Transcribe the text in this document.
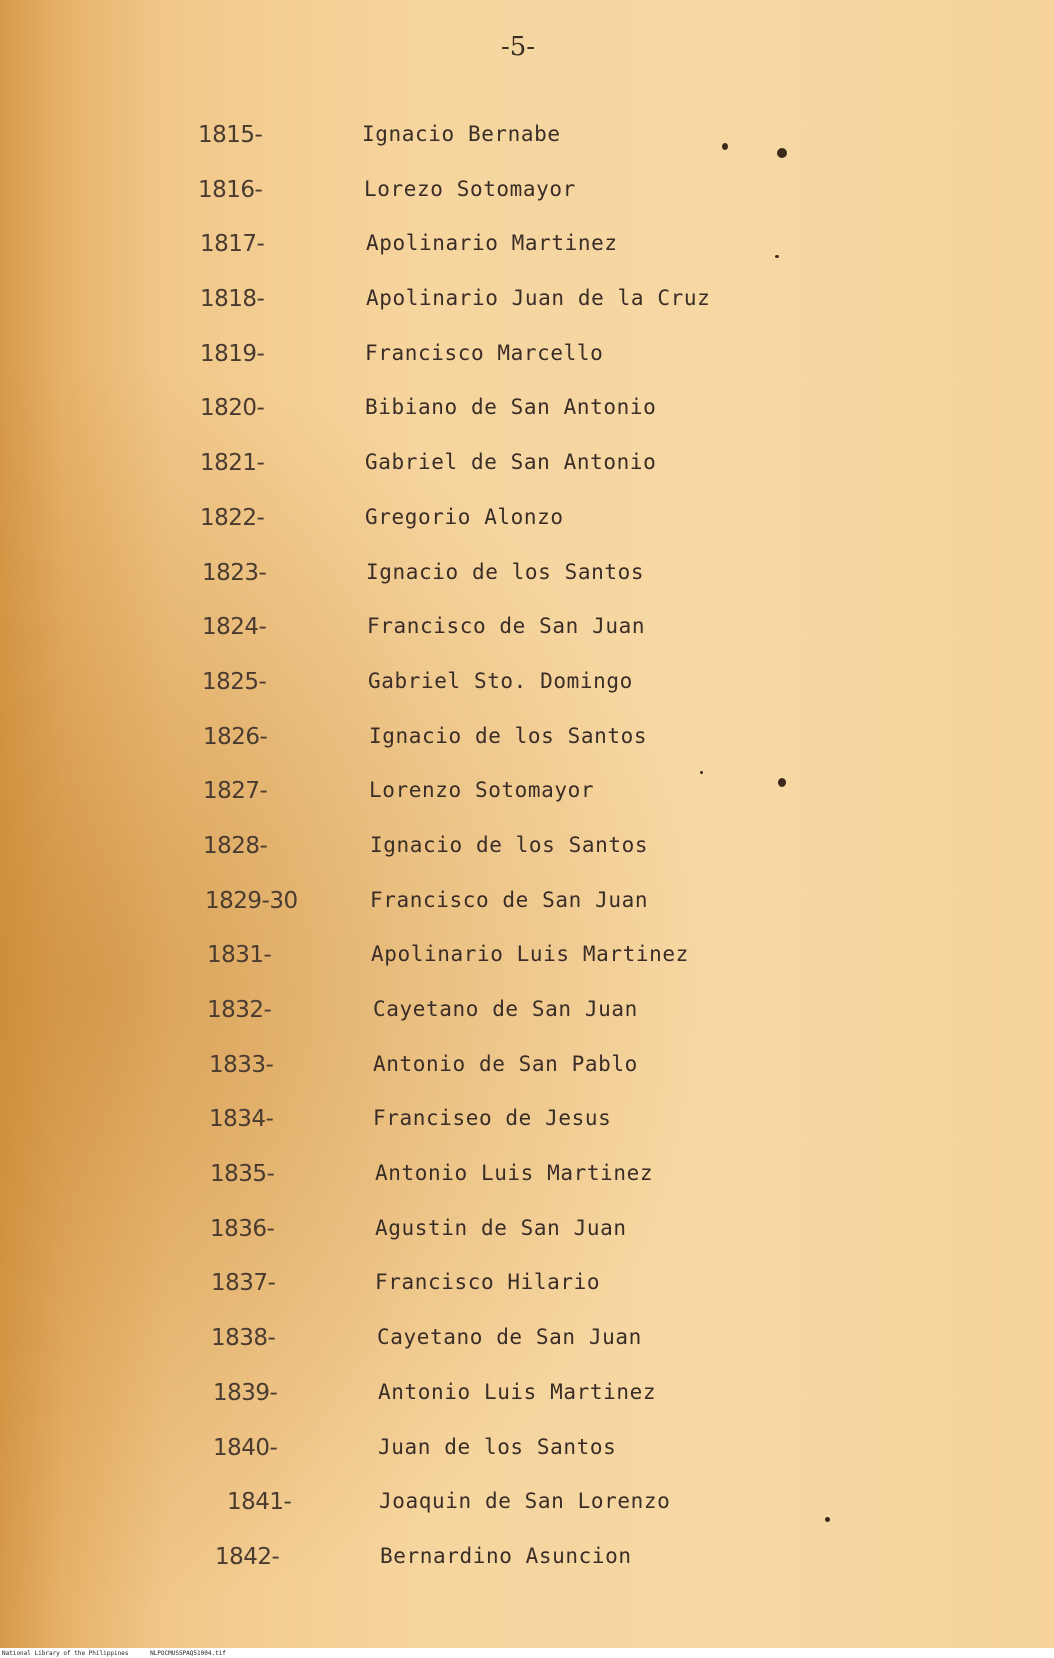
-5-
1815-	Ignacio Bernabe
1816-	Lorezo Sotomayor
1817-	Apolinario Martinez
1818-	Apolinario Juan de la Cruz
1819-	Francisco Marcello
1820-	Bibiano de San Antonio
1821-	Gabriel de San Antonio
1822-	Gregorio Alonzo
1823-	Ignacio de los Santos
1824-	Francisco de San Juan
1825-	Gabriel Sto. Domingo
1826-	Ignacio de los Santos
1827-	Lorenzo Sotomayor
1828-	Ignacio de los Santos
1829-30	Francisco de San Juan
1831-	Apolinario Luis Martinez
1832-	Cayetano de San Juan
1833-	Antonio de San Pablo
1834-	Franciseo de Jesus
1835-	Antonio Luis Martinez
1836-	Agustin de San Juan
1837-	Francisco Hilario
1838-	Cayetano de San Juan
1839-	Antonio Luis Martinez
1840-	Juan de los Santos
1841-	Joaquin de San Lorenzo
1842-	Bernardino Asuncion
National Library of the Philippines	NLPOCMUSSPAQ51004.tif
